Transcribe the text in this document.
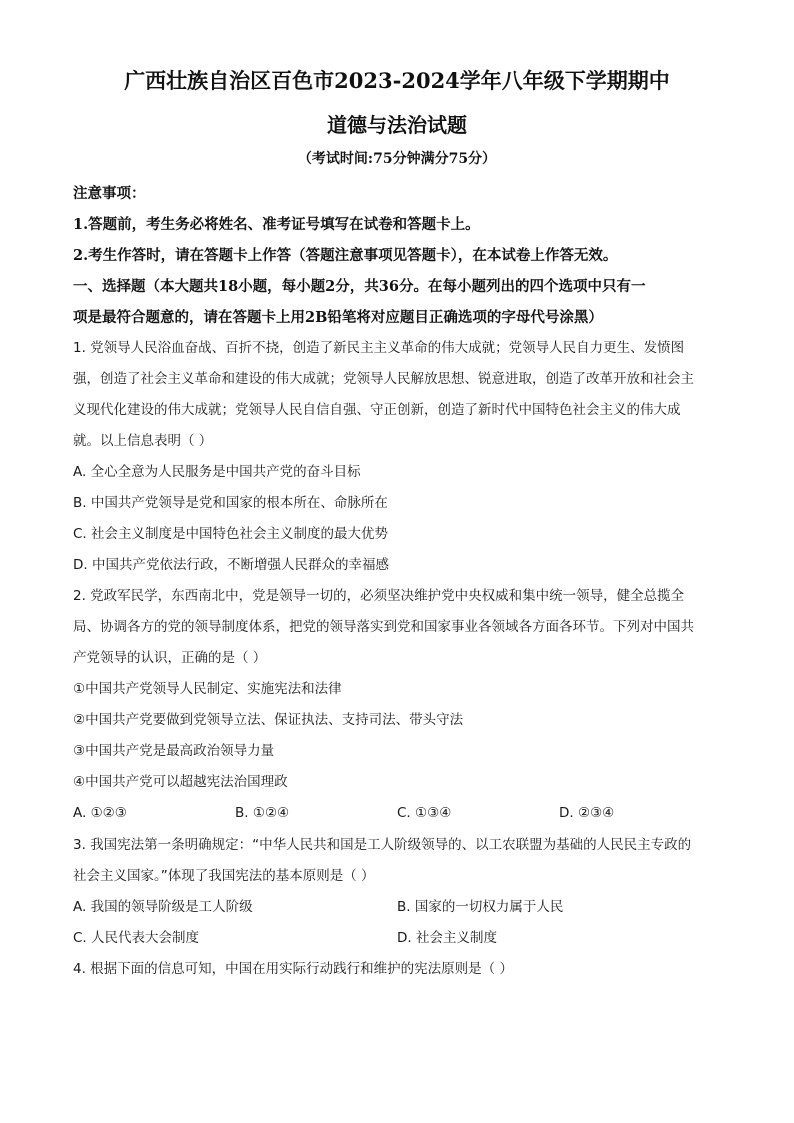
广西壮族自治区百色市2023-2024学年八年级下学期期中
道德与法治试题
（考试时间:75分钟满分75分）
注意事项：
1.答题前，考生务必将姓名、准考证号填写在试卷和答题卡上。
2.考生作答时，请在答题卡上作答（答题注意事项见答题卡），在本试卷上作答无效。
一、选择题（本大题共18小题，每小题2分，共36分。在每小题列出的四个选项中只有一
项是最符合题意的，请在答题卡上用2B铅笔将对应题目正确选项的字母代号涂黑）
1. 党领导人民浴血奋战、百折不挠，创造了新民主主义革命的伟大成就；党领导人民自力更生、发愤图
强，创造了社会主义革命和建设的伟大成就；党领导人民解放思想、锐意进取，创造了改革开放和社会主
义现代化建设的伟大成就；党领导人民自信自强、守正创新，创造了新时代中国特色社会主义的伟大成
就。以上信息表明（ ）
A. 全心全意为人民服务是中国共产党的奋斗目标
B. 中国共产党领导是党和国家的根本所在、命脉所在
C. 社会主义制度是中国特色社会主义制度的最大优势
D. 中国共产党依法行政，不断增强人民群众的幸福感
2. 党政军民学，东西南北中，党是领导一切的，必须坚决维护党中央权威和集中统一领导，健全总揽全
局、协调各方的党的领导制度体系，把党的领导落实到党和国家事业各领域各方面各环节。下列对中国共
产党领导的认识，正确的是（ ）
①中国共产党领导人民制定、实施宪法和法律
②中国共产党要做到党领导立法、保证执法、支持司法、带头守法
③中国共产党是最高政治领导力量
④中国共产党可以超越宪法治国理政
A. ①②③	B. ①②④	C. ①③④	D. ②③④
3. 我国宪法第一条明确规定：“中华人民共和国是工人阶级领导的、以工农联盟为基础的人民民主专政的
社会主义国家。”体现了我国宪法的基本原则是（ ）
A. 我国的领导阶级是工人阶级	B. 国家的一切权力属于人民
C. 人民代表大会制度	D. 社会主义制度
4. 根据下面的信息可知，中国在用实际行动践行和维护的宪法原则是（ ）
